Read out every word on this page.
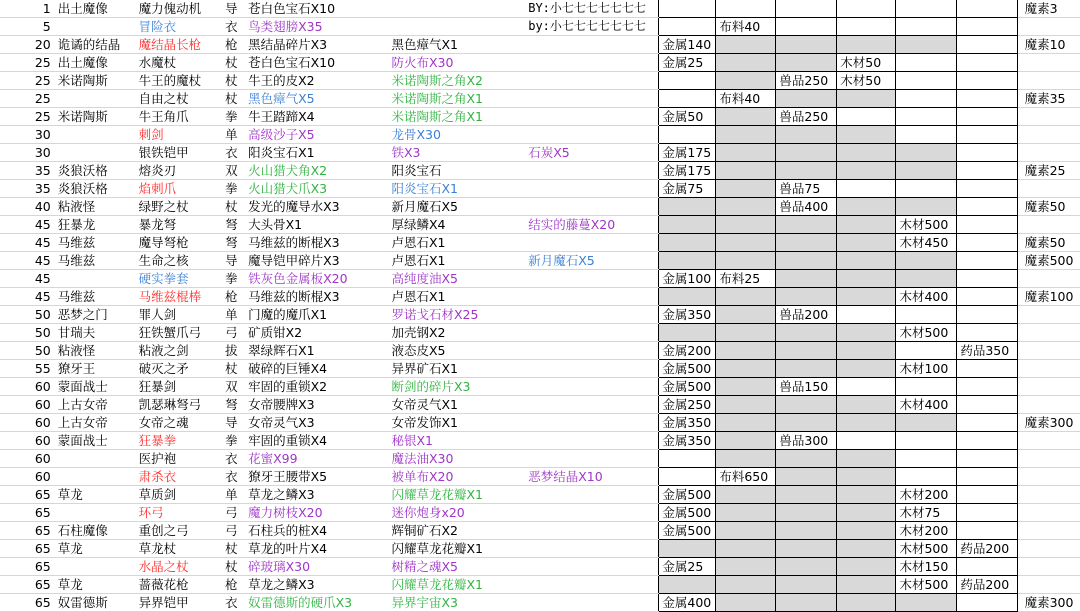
1	出土魔像	魔力傀动机	导	苍白色宝石X10		BY:小七七七七七七七								魔素3
5		冒险衣	衣	鸟类翅膀X35		by:小七七七七七七七		布料40						
20	诡谲的结晶	魔结晶长枪	枪	黑结晶碎片X3	黑色瘴气X1		金属140							魔素10
25	出土魔像	水魔杖	杖	苍白色宝石X10	防火布X30		金属25			木材50				
25	米诺陶斯	牛王的魔杖	杖	牛王的皮X2	米诺陶斯之角X2				兽品250	木材50				
25		自由之杖	杖	黑色瘴气X5	米诺陶斯之角X1			布料40						魔素35
25	米诺陶斯	牛王角爪	拳	牛王踏蹄X4	米诺陶斯之角X1		金属50		兽品250					
30		刺剑	单	高级沙子X5	龙骨X30									
30		银铁铠甲	衣	阳炎宝石X1	铁X3	石炭X5	金属175							
35	炎狼沃格	熔炎刃	双	火山猎犬角X2	阳炎宝石		金属175							魔素25
35	炎狼沃格	焰刺爪	拳	火山猎犬爪X3	阳炎宝石X1		金属75		兽品75					
40	粘液怪	绿野之杖	杖	发光的魔导水X3	新月魔石X5				兽品400					魔素50
45	狂暴龙	暴龙弩	弩	大头骨X1	厚绿鳞X4	结实的藤蔓X20					木材500			
45	马维兹	魔导弩枪	弩	马维兹的断棍X3	卢恩石X1						木材450			魔素50
45	马维兹	生命之核	导	魔导铠甲碎片X3	卢恩石X1	新月魔石X5								魔素500
45		硬实拳套	拳	铁灰色金属板X20	高纯度油X5		金属100	布料25						
45	马维兹	马维兹棍棒	枪	马维兹的断棍X3	卢恩石X1						木材400			魔素100
50	恶梦之门	罪人剑	单	门魔的魔爪X1	罗诺戈石材X25		金属350		兽品200					
50	甘瑞夫	狂铁蟹爪弓	弓	矿质钳X2	加壳钢X2						木材500			
50	粘液怪	粘液之剑	拔	翠绿辉石X1	液态皮X5		金属200					药品350		
55	獠牙王	破灭之矛	杖	破碎的巨锤X4	异界矿石X1		金属500				木材100			
60	蒙面战士	狂暴剑	双	牢固的重锁X2	断剑的碎片X3		金属500		兽品150					
60	上古女帝	凯瑟琳弩弓	弩	女帝腰牌X3	女帝灵气X1		金属250				木材400			
60	上古女帝	女帝之魂	导	女帝灵气X3	女帝发饰X1		金属350							魔素300
60	蒙面战士	狂暴拳	拳	牢固的重锁X4	秘银X1		金属350		兽品300					
60		医护袍	衣	花蜜X99	魔法油X30									
60		肃杀衣	衣	獠牙王腰带X5	被单布X20	恶梦结晶X10		布料650						
65	草龙	草质剑	单	草龙之鳞X3	闪耀草龙花瓣X1		金属500				木材200			
65		环弓	弓	魔力树枝X20	迷你炮身x20		金属500				木材75			
65	石柱魔像	重创之弓	弓	石柱兵的桩X4	辉铜矿石X2		金属500				木材200			
65	草龙	草龙杖	杖	草龙的叶片X4	闪耀草龙花瓣X1						木材500	药品200		
65		水晶之杖	杖	碎玻璃X30	树精之魂X5		金属25				木材150			
65	草龙	蔷薇花枪	枪	草龙之鳞X3	闪耀草龙花瓣X1						木材500	药品200		
65	奴雷德斯	异界铠甲	衣	奴雷德斯的硬爪X3	异界宇宙X3		金属400							魔素300
